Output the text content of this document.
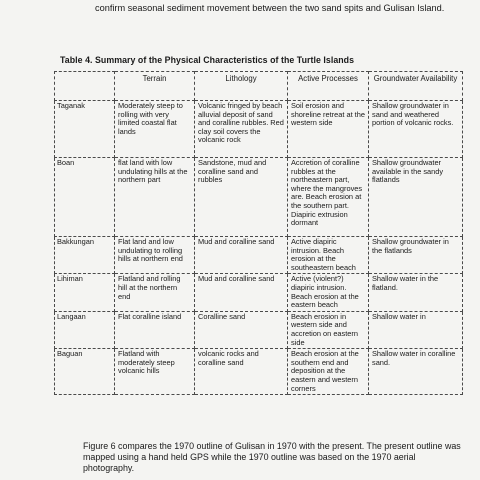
confirm seasonal sediment movement between the two sand spits and Gulisan Island.

Table 4. Summary of the Physical Characteristics of the Turtle Islands
	Terrain	Lithology	Active Processes	Groundwater Availability
Taganak	Moderately steep to rolling with very limited coastal flat lands	Volcanic fringed by beach alluvial deposit of sand and coralline rubbles. Red clay soil covers the volcanic rock	Soil erosion and shoreline retreat at the western side	Shallow groundwater in sand and weathered portion of volcanic rocks.
Boan	flat land with low undulating hills at the northern part	Sandstone, mud and coralline sand and rubbles	Accretion of coralline rubbles at the northeastern part, where the mangroves are. Beach erosion at the southern part. Diapiric extrusion dormant	Shallow groundwater available in the sandy flatlands
Bakkungan	Flat land and low undulating to rolling hills at northern end	Mud and coralline sand	Active diapiric intrusion. Beach erosion at the southeastern beach	Shallow groundwater in the flatlands
Lihiman	Flatland and rolling hill at the northern end	Mud and coralline sand	Active (violent?) diapiric intrusion. Beach erosion at the eastern beach	Shallow water in the flatland.
Langaan	Flat coralline island	Coralline sand	Beach erosion in western side and accretion on eastern side	Shallow water in
Baguan	Flatland with moderately steep volcanic hills	volcanic rocks and coralline sand	Beach erosion at the southern end and deposition at the eastern and western corners	Shallow water in coralline sand.

Figure 6 compares the 1970 outline of Gulisan in 1970 with the present. The present outline was mapped using a hand held GPS while the 1970 outline was based on the 1970 aerial photography.
